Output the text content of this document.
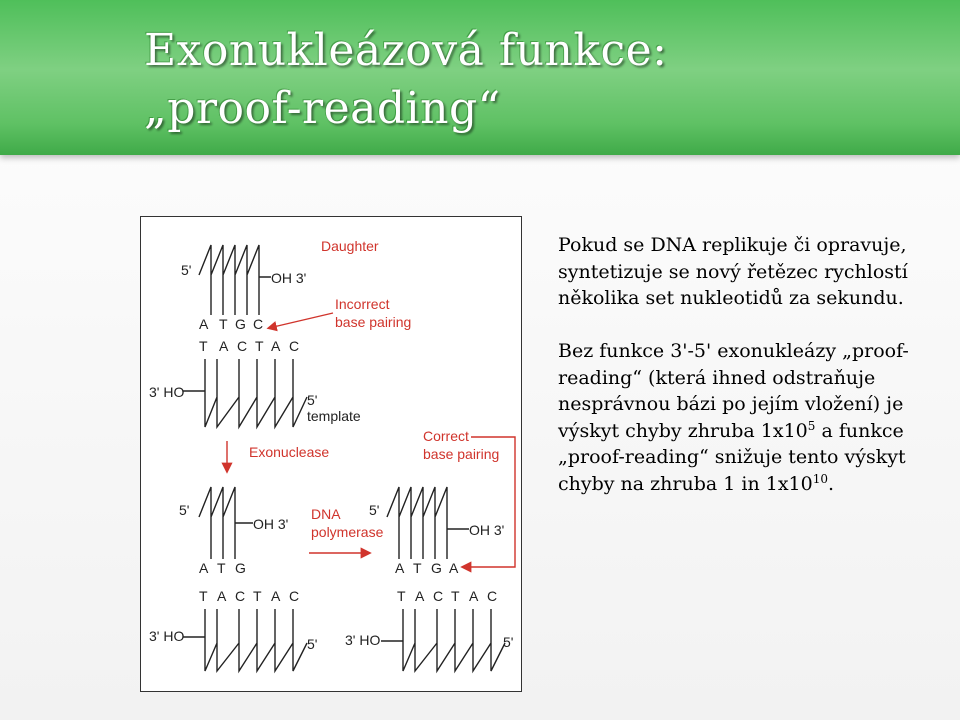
Exonukleázová funkce:
„proof-reading“
5'	OH 3'
Daughter
A T G C
Incorrect
base pairing
T A C T A C
3' HO	5'
template
Exonuclease
5'
OH 3'
A T G
T A C T A C
3' HO	5'
DNA
polymerase
5'
OH 3'
A T G A
Correct
base pairing
T A C T A C
3' HO	5'

Pokud se DNA replikuje či opravuje, syntetizuje se nový řetězec rychlostí několika set nukleotidů za sekundu.

Bez funkce 3'-5' exonukleázy „proof-reading“ (která ihned odstraňuje nesprávnou bázi po jejím vložení) je výskyt chyby zhruba $1x10^5$ a funkce „proof-reading“ snižuje tento výskyt chyby na zhruba 1 in $1x10^{10}$.
